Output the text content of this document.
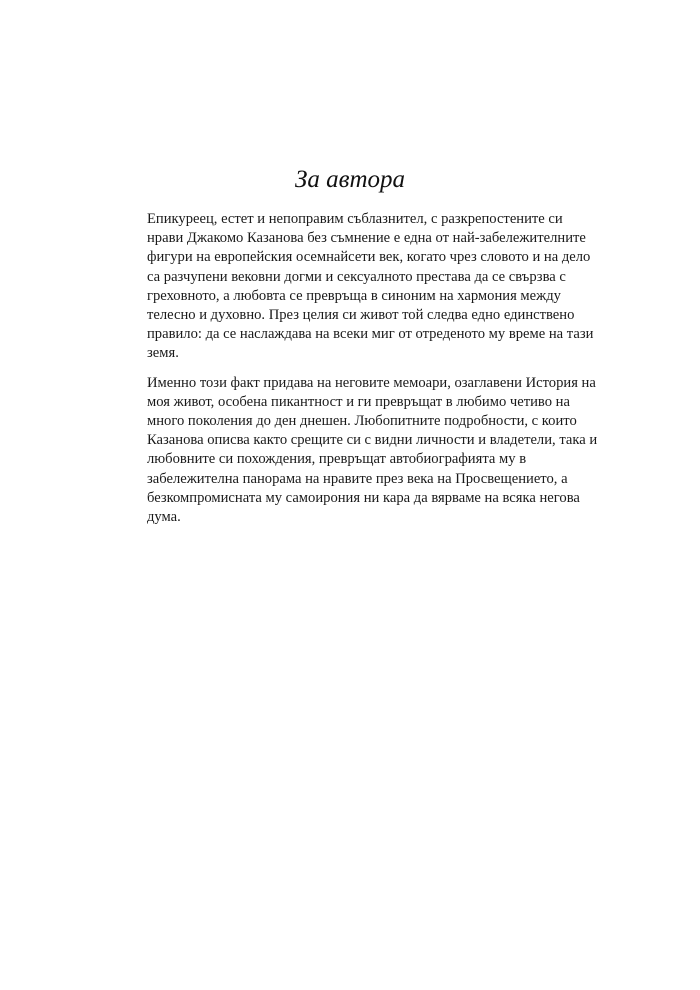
За автора

Епикуреец, естет и непоправим съблазнител, с разкрепостените си
нрави Джакомо Казанова без съмнение е една от най-забележителните
фигури на европейския осемнайсети век, когато чрез словото и на дело
са разчупени вековни догми и сексуалното престава да се свързва с
греховното, а любовта се превръща в синоним на хармония между
телесно и духовно. През целия си живот той следва едно единствено
правило: да се наслаждава на всеки миг от отреденото му време на тази
земя.

Именно този факт придава на неговите мемоари, озаглавени История на
моя живот, особена пикантност и ги превръщат в любимо четиво на
много поколения до ден днешен. Любопитните подробности, с които
Казанова описва както срещите си с видни личности и владетели, така и
любовните си похождения, превръщат автобиографията му в
забележителна панорама на нравите през века на Просвещението, а
безкомпромисната му самоирония ни кара да вярваме на всяка негова
дума.
